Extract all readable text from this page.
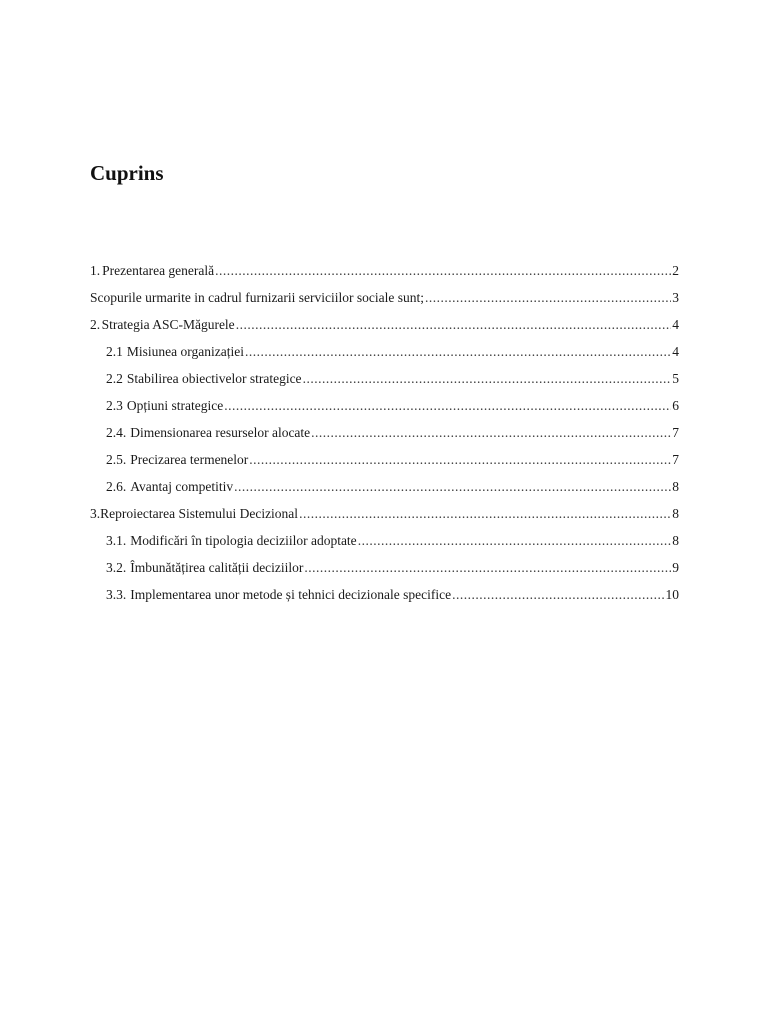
Cuprins
1. Prezentarea generală .....	2
Scopurile urmarite in cadrul furnizarii serviciilor sociale sunt; .....	3
2. Strategia ASC-Măgurele .....	4
2.1 Misiunea organizației .....	4
2.2 Stabilirea obiectivelor strategice .....	5
2.3 Opțiuni strategice .....	6
2.4. Dimensionarea resurselor alocate .....	7
2.5. Precizarea termenelor .....	7
2.6. Avantaj competitiv .....	8
3. Reproiectarea Sistemului Decizional .....	8
3.1. Modificări în tipologia deciziilor adoptate .....	8
3.2. Îmbunătățirea calității deciziilor .....	9
3.3. Implementarea unor metode și tehnici decizionale specifice .....	10
